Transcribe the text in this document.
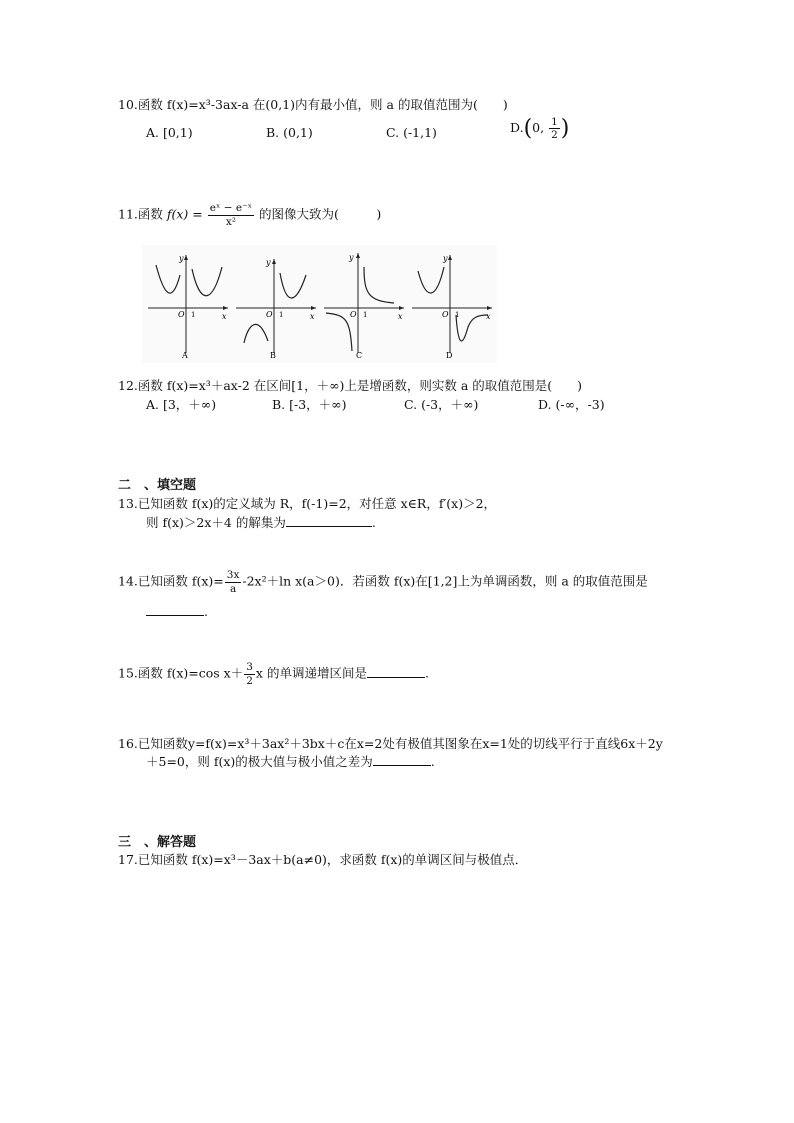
10.函数 f(x)=x³-3ax-a 在(0,1)内有最小值，则 a 的取值范围为(　　)
A. [0,1)	B. (0,1)	C. (-1,1)	D.(0, $\frac{1}{2}$ )
11.函数 $f(x) = \frac{\text{eˣ − e⁻ˣ}}{\text{x²}}$ 的图像大致为(　　　)
y
x
O 1
A
y
x
O 1
B
y
x
O 1
C
y
x
O 1
D
12.函数 f(x)=x³＋ax-2 在区间[1，＋∞)上是增函数，则实数 a 的取值范围是(　　)
A. [3，＋∞)	B. [-3，＋∞)	C. (-3，＋∞)	D. (-∞，-3)
二　、填空题
13.已知函数 f(x)的定义域为 R，f(-1)=2，对任意 x∈R，f′(x)＞2，
则 f(x)＞2x＋4 的解集为	.
14.已知函数 $f(x)= \frac{3x}{a} -2x^2+\ln$ x(a＞0)．若函数 f(x)在[1,2]上为单调函数，则 a 的取值范围是
.
15.函数 f(x)=cos $x+ \frac{3}{2}$ x 的单调递增区间是	.
16.已知函数y=f(x)=x³＋3ax²＋3bx＋c在x=2处有极值其图象在x=1处的切线平行于直线6x＋2y
＋5=0，则 f(x)的极大值与极小值之差为	.
三　、解答题
17.已知函数 f(x)=x³－3ax＋b(a≠0)，求函数 f(x)的单调区间与极值点．
